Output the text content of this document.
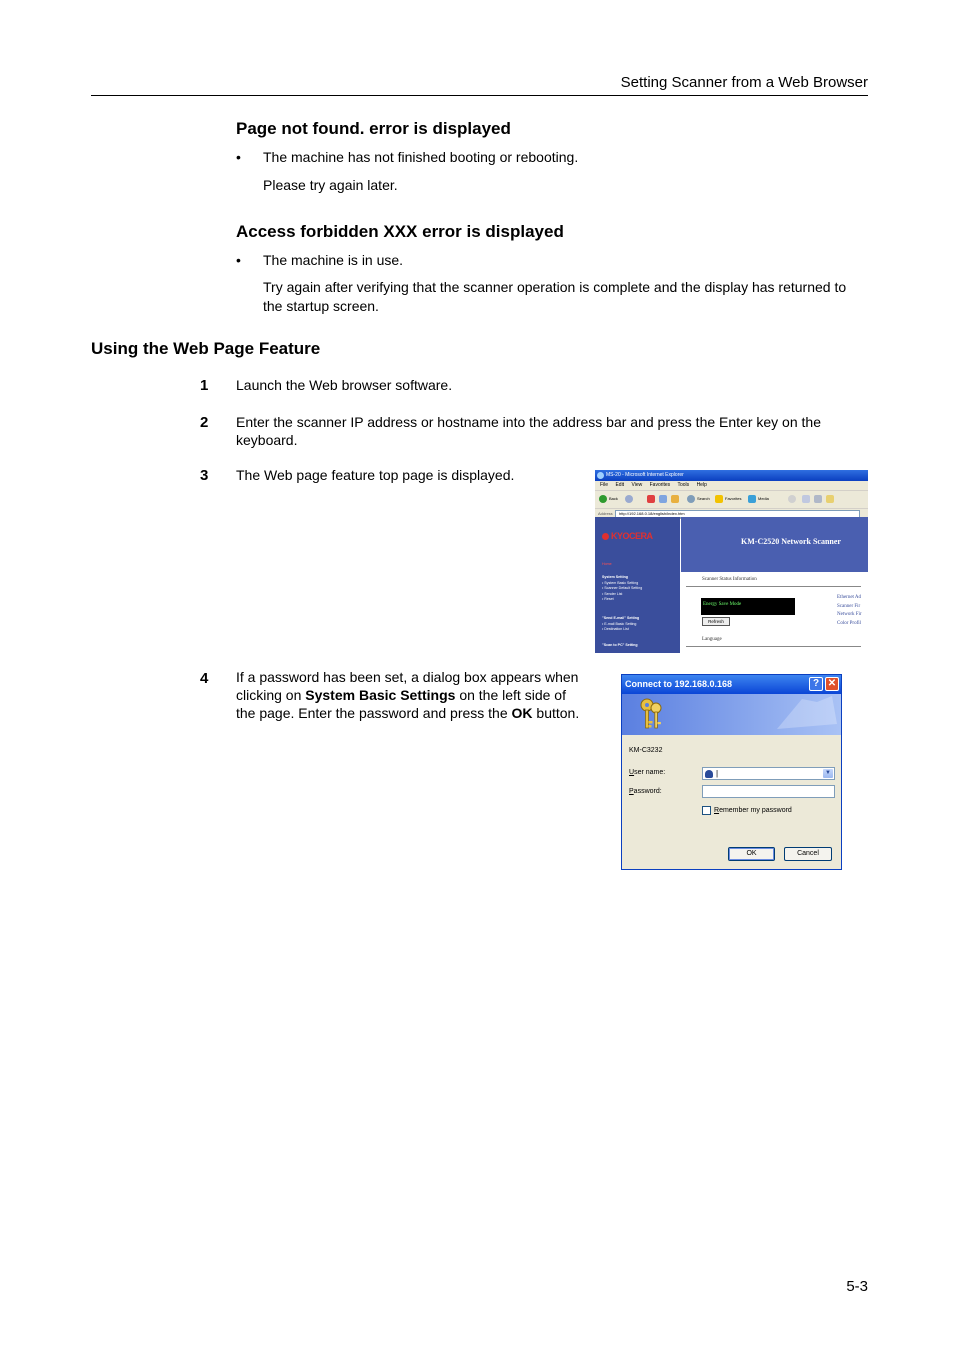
Setting Scanner from a Web Browser
Page not found. error is displayed
• The machine has not finished booting or rebooting.
Please try again later.
Access forbidden XXX error is displayed
• The machine is in use.
Try again after verifying that the scanner operation is complete and the display has returned to
the startup screen.
Using the Web Page Feature
1 Launch the Web browser software.
2 Enter the scanner IP address or hostname into the address bar and press the Enter key on the
keyboard.
3 The Web page feature top page is displayed.
4 If a password has been set, a dialog box appears when
clicking on System Basic Settings on the left side of
the page. Enter the password and press the OK button.
MS-20 - Microsoft Internet Explorer
File Edit View Favorites Tools Help
Back	Search	Favorites	Media
Address	http://192.168.0.18/english/index.htm
KYOCERA
Home
System Setting
• System Basic Setting
• Scanner Default Setting
• Sender List
• Reset
"Send E-mail" Setting
• E-mail Basic Setting
• Destination List
"Scan to PC" Setting
KM-C2520 Network Scanner
Scanner Status Information
Energy Save Mode
Refresh
Language
Ethernet Ad
Scanner Fir
Network Fir
Color Profil
Connect to 192.168.0.168	? ✕
KM-C3232
User name:	|	▼
Password:
Remember my password
OK	Cancel
5-3
